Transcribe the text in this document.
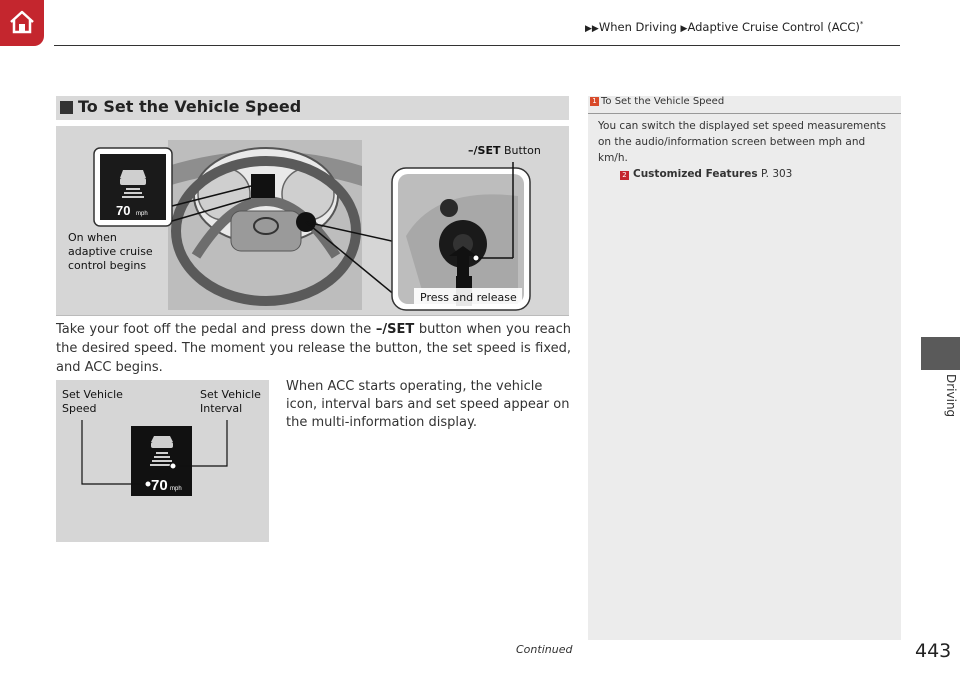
▶▶When Driving ▶Adaptive Cruise Control (ACC)*
To Set the Vehicle Speed
70 mph
On when
adaptive cruise
control begins
–/SET Button
Press and release
Take your foot off the pedal and press down the –/SET button when you reach the desired speed. The moment you release the button, the set speed is fixed, and ACC begins.
70 mph
Set Vehicle
Speed
Set Vehicle
Interval
When ACC starts operating, the vehicle icon, interval bars and set speed appear on the multi-information display.
1 To Set the Vehicle Speed
You can switch the displayed set speed measurements on the audio/information screen between mph and km/h.
2 Customized Features P. 303
Driving
Continued	443
